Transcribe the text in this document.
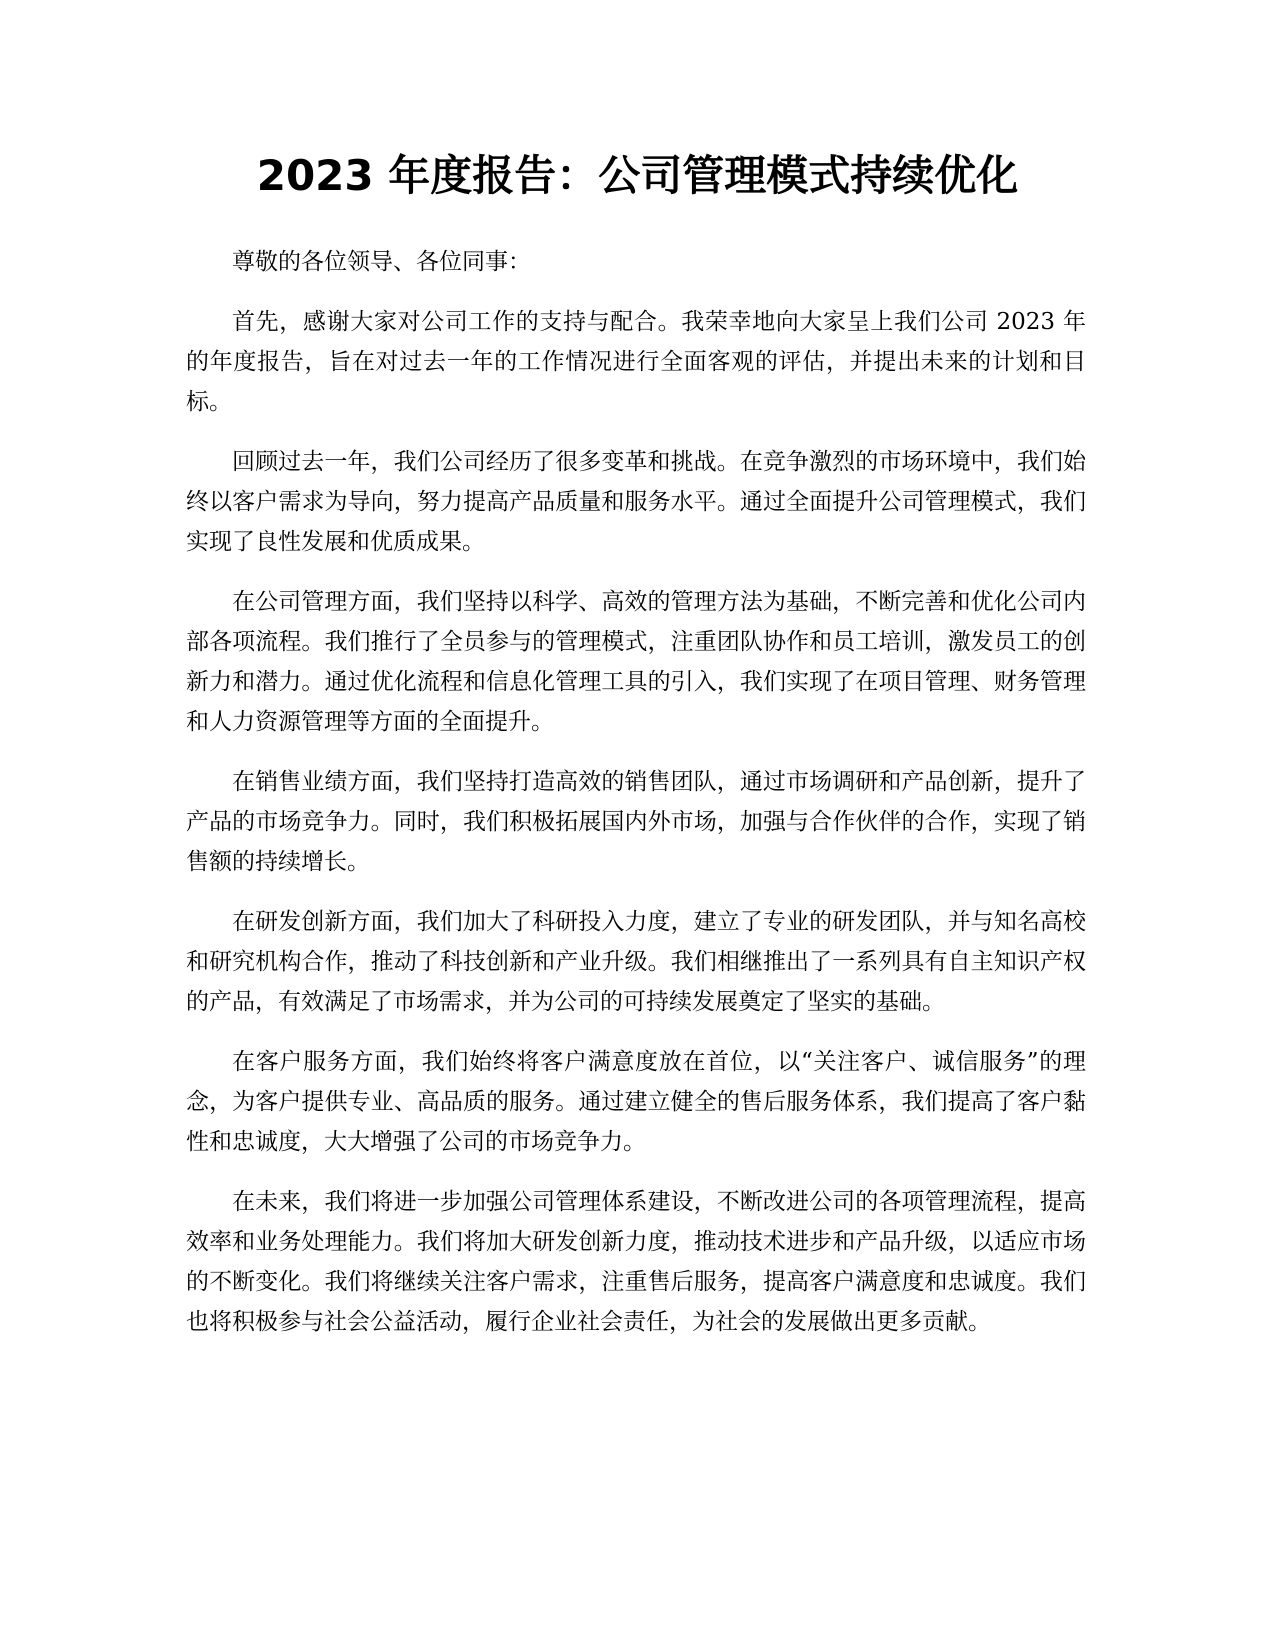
2023 年度报告：公司管理模式持续优化

尊敬的各位领导、各位同事：

首先，感谢大家对公司工作的支持与配合。我荣幸地向大家呈上我们公司 2023 年的年度报告，旨在对过去一年的工作情况进行全面客观的评估，并提出未来的计划和目标。

回顾过去一年，我们公司经历了很多变革和挑战。在竞争激烈的市场环境中，我们始终以客户需求为导向，努力提高产品质量和服务水平。通过全面提升公司管理模式，我们实现了良性发展和优质成果。

在公司管理方面，我们坚持以科学、高效的管理方法为基础，不断完善和优化公司内部各项流程。我们推行了全员参与的管理模式，注重团队协作和员工培训，激发员工的创新力和潜力。通过优化流程和信息化管理工具的引入，我们实现了在项目管理、财务管理和人力资源管理等方面的全面提升。

在销售业绩方面，我们坚持打造高效的销售团队，通过市场调研和产品创新，提升了产品的市场竞争力。同时，我们积极拓展国内外市场，加强与合作伙伴的合作，实现了销售额的持续增长。

在研发创新方面，我们加大了科研投入力度，建立了专业的研发团队，并与知名高校和研究机构合作，推动了科技创新和产业升级。我们相继推出了一系列具有自主知识产权的产品，有效满足了市场需求，并为公司的可持续发展奠定了坚实的基础。

在客户服务方面，我们始终将客户满意度放在首位，以“关注客户、诚信服务”的理念，为客户提供专业、高品质的服务。通过建立健全的售后服务体系，我们提高了客户黏性和忠诚度，大大增强了公司的市场竞争力。

在未来，我们将进一步加强公司管理体系建设，不断改进公司的各项管理流程，提高效率和业务处理能力。我们将加大研发创新力度，推动技术进步和产品升级，以适应市场的不断变化。我们将继续关注客户需求，注重售后服务，提高客户满意度和忠诚度。我们也将积极参与社会公益活动，履行企业社会责任，为社会的发展做出更多贡献。
